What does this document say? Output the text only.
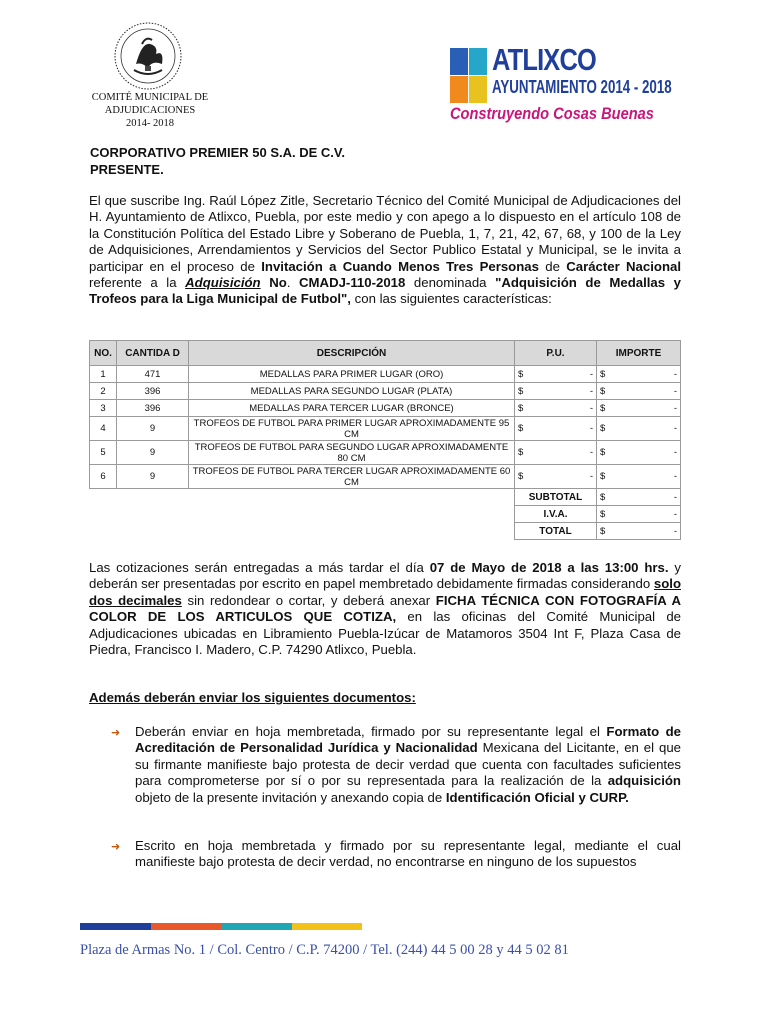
COMITÉ MUNICIPAL DE
ADJUDICACIONES
2014- 2018
ATLIXCO
AYUNTAMIENTO 2014 - 2018
Construyendo Cosas Buenas
CORPORATIVO PREMIER 50 S.A. DE C.V.
PRESENTE.
El que suscribe Ing. Raúl López Zitle, Secretario Técnico del Comité Municipal de Adjudicaciones del H. Ayuntamiento de Atlixco, Puebla, por este medio y con apego a lo dispuesto en el artículo 108 de la Constitución Política del Estado Libre y Soberano de Puebla, 1, 7, 21, 42, 67, 68, y 100 de la Ley de Adquisiciones, Arrendamientos y Servicios del Sector Publico Estatal y Municipal, se le invita a participar en el proceso de Invitación a Cuando Menos Tres Personas de Carácter Nacional referente a la Adquisición No. CMADJ-110-2018 denominada "Adquisición de Medallas y Trofeos para la Liga Municipal de Futbol", con las siguientes características:
NO.	CANTIDA D	DESCRIPCIÓN	P.U.	IMPORTE
1	471	MEDALLAS PARA PRIMER LUGAR (ORO)	$ -	$ -

2	396	MEDALLAS PARA SEGUNDO LUGAR (PLATA)	$ -	$ -

3	396	MEDALLAS PARA TERCER LUGAR (BRONCE)	$ -	$ -

4	9	TROFEOS DE FUTBOL PARA PRIMER LUGAR APROXIMADAMENTE 95 CM	$ -	$ -

5	9	TROFEOS DE FUTBOL PARA SEGUNDO LUGAR APROXIMADAMENTE 80 CM	$ -	$ -

6	9	TROFEOS DE FUTBOL PARA TERCER LUGAR APROXIMADAMENTE 60 CM	$ -	$ -

			SUBTOTAL	$ -

			I.V.A.	$ -

			TOTAL	$ -
Las cotizaciones serán entregadas a más tardar el día 07 de Mayo de 2018 a las 13:00 hrs. y deberán ser presentadas por escrito en papel membretado debidamente firmadas considerando solo dos decimales sin redondear o cortar, y deberá anexar FICHA TÉCNICA CON FOTOGRAFÍA A COLOR DE LOS ARTICULOS QUE COTIZA, en las oficinas del Comité Municipal de Adjudicaciones ubicadas en Libramiento Puebla-Izúcar de Matamoros 3504 Int F, Plaza Casa de Piedra, Francisco I. Madero, C.P. 74290 Atlixco, Puebla.
Además deberán enviar los siguientes documentos:
➜ Deberán enviar en hoja membretada, firmado por su representante legal el Formato de Acreditación de Personalidad Jurídica y Nacionalidad Mexicana del Licitante, en el que su firmante manifieste bajo protesta de decir verdad que cuenta con facultades suficientes para comprometerse por sí o por su representada para la realización de la adquisición objeto de la presente invitación y anexando copia de Identificación Oficial y CURP.
➜ Escrito en hoja membretada y firmado por su representante legal, mediante el cual manifieste bajo protesta de decir verdad, no encontrarse en ninguno de los supuestos
Plaza de Armas No. 1 / Col. Centro / C.P. 74200 / Tel. (244) 44 5 00 28 y 44 5 02 81
